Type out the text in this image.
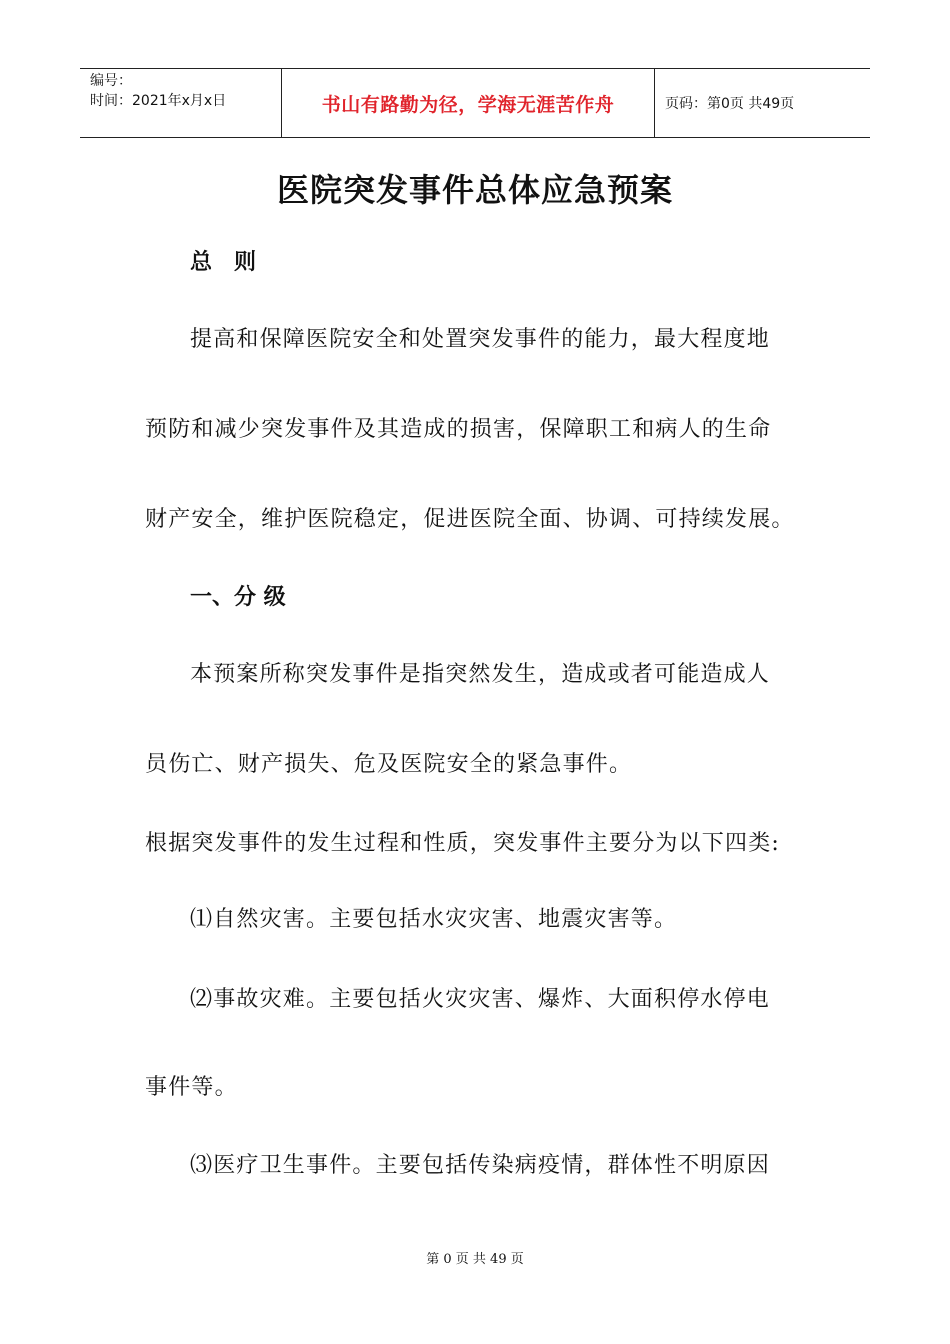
编号：
时间：2021年x月x日	书山有路勤为径，学海无涯苦作舟	页码：第0页 共49页
医院突发事件总体应急预案
总　则
提高和保障医院安全和处置突发事件的能力，最大程度地
预防和减少突发事件及其造成的损害，保障职工和病人的生命
财产安全，维护医院稳定，促进医院全面、协调、可持续发展。
一、分 级
本预案所称突发事件是指突然发生，造成或者可能造成人
员伤亡、财产损失、危及医院安全的紧急事件。
根据突发事件的发生过程和性质，突发事件主要分为以下四类:
⑴自然灾害。主要包括水灾灾害、地震灾害等。
⑵事故灾难。主要包括火灾灾害、爆炸、大面积停水停电
事件等。
⑶医疗卫生事件。主要包括传染病疫情，群体性不明原因
第 0 页 共 49 页
